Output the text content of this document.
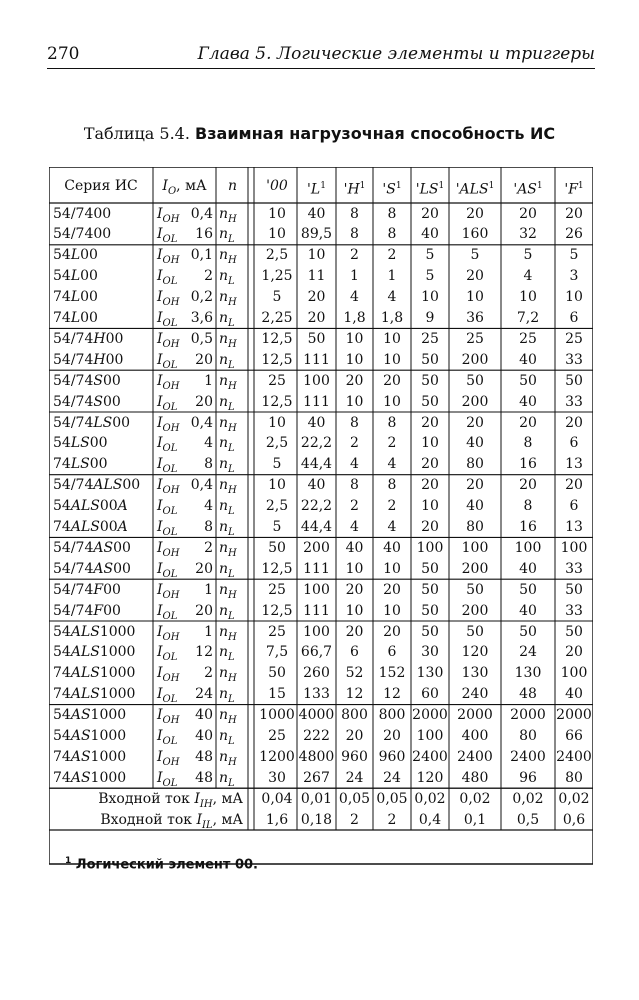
270	Глава 5. Логические элементы и триггеры
Таблица 5.4. Взаимная нагрузочная способность ИС
Серия ИС $I_O$, мА n '00 '$L^1$ '$H^1$ '$S^1$ '$LS^1$ 'ALS$^1$ '$AS^1$ '$F^1$
54/7400	$I_{OH}$ 0,4 $n_H$ 10 40 8 8 20 20	20 20
54/7400	$I_{OL}$ 16 $n_L$ 10 89,5 8 8 40 160 32 26
54L00	$I_{OH}$ 0,1 $n_H$ 2,5 10 2 2 5	5	5	5
54L00	$I_{OL}$ 2 $n_L$ 1,25 11 1 1 5 20	4	3
74L00	$I_{OH}$ 0,2 $n_H$	5 20 4 4 10 10	10 10
74L00	$I_{OL}$ 3,6 $n_L$ 2,25 20 1,8 1,8 9 36 7,2 6
54/74H00 $I_{OH}$ 0,5 $n_H$ 12,5 50 10 10 25 25	25 25
54/74H00 $I_{OL}$ 20 $n_L$ 12,5 111 10 10 50 200 40 33
54/74S00	$I_{OH}$ 1 $n_H$ 25 100 20 20 50 50	50 50
54/74S00	$I_{OL}$ 20 $n_L$ 12,5 111 10 10 50 200 40 33
54/74LS00 $I_{OH}$ 0,4 $n_H$ 10 40 8 8 20 20	20 20
54LS00	$I_{OL}$ 4 $n_L$ 2,5 22,2 2 2 10 40	8	6
74LS00	$I_{OL}$ 8 $n_L$	5 44,4 4 4 20 80	16 13
54/74ALS00 $I_{OH}$ 0,4 $n_H$ 10 40 8 8 20 20	20 20
54ALS00A $I_{OL}$ 4 $n_L$ 2,5 22,2 2 2 10 40	8	6
74ALS00A $I_{OL}$ 8 $n_L$	5 44,4 4 4 20 80	16 13
54/74AS00 $I_{OH}$ 2 $n_H$ 50 200 40 40 100 100 100 100
54/74AS00 $I_{OL}$ 20 $n_L$ 12,5 111 10 10 50 200 40 33
54/74F00	$I_{OH}$ 1 $n_H$ 25 100 20 20 50 50	50 50
54/74F00	$I_{OL}$ 20 $n_L$ 12,5 111 10 10 50 200 40 33
54ALS1000 $I_{OH}$ 1 $n_H$ 25 100 20 20 50 50	50 50
54ALS1000 $I_{OL}$ 12 $n_L$ 7,5 66,7 6 6 30 120 24 20
74ALS1000 $I_{OH}$ 2 $n_H$ 50 260 52 152 130 130 130 100
74ALS1000 $I_{OL}$ 24 $n_L$ 15 133 12 12 60 240 48 40
54AS1000 $I_{OH}$ 40 $n_H$ 1000 4000 800 800 2000 2000 2000 2000
54AS1000 $I_{OL}$ 40 $n_L$ 25 222 20 20 100 400 80 66
74AS1000 $I_{OH}$ 48 $n_H$ 1200 4800 960 960 2400 2400 2400 2400
74AS1000 $I_{OL}$ 48 $n_L$ 30 267 24 24 120 480 96 80
Входной ток $I_{IH}$, мА 0,04 0,01 0,05 0,05 0,02 0,02 0,02 0,02
Входной ток $I_{IL}$, мА 1,6 0,18 2 2 0,4 0,1 0,5 0,6
$^1$ Логический элемент 00.
